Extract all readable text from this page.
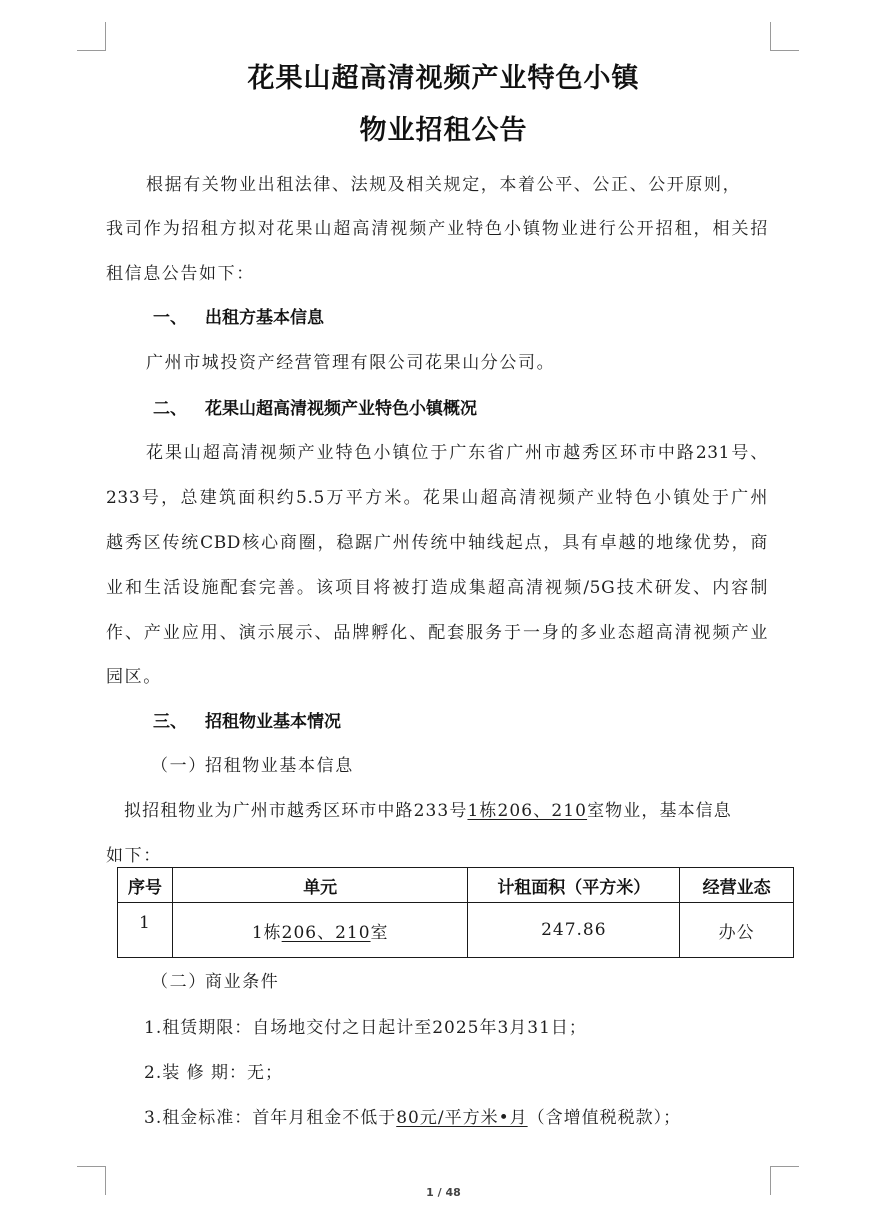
花果山超高清视频产业特色小镇
物业招租公告
根据有关物业出租法律、法规及相关规定，本着公平、公正、公开原则，
我司作为招租方拟对花果山超高清视频产业特色小镇物业进行公开招租，相关招
租信息公告如下：
一、 出租方基本信息
广州市城投资产经营管理有限公司花果山分公司。
二、 花果山超高清视频产业特色小镇概况
花果山超高清视频产业特色小镇位于广东省广州市越秀区环市中路231号、
233号，总建筑面积约5.5万平方米。花果山超高清视频产业特色小镇处于广州
越秀区传统CBD核心商圈，稳踞广州传统中轴线起点，具有卓越的地缘优势，商
业和生活设施配套完善。该项目将被打造成集超高清视频/5G技术研发、内容制
作、产业应用、演示展示、品牌孵化、配套服务于一身的多业态超高清视频产业
园区。
三、 招租物业基本情况
（一）招租物业基本信息
拟招租物业为广州市越秀区环市中路233号1栋206、210室物业，基本信息
如下：
序号	单元	计租面积（平方米）	经营业态
1	1栋206、210室	247.86	办公
（二）商业条件
1.租赁期限：自场地交付之日起计至2025年3月31日；
2.装 修 期：无；
3.租金标准：首年月租金不低于80元/平方米•月（含增值税税款）；
1 / 48
